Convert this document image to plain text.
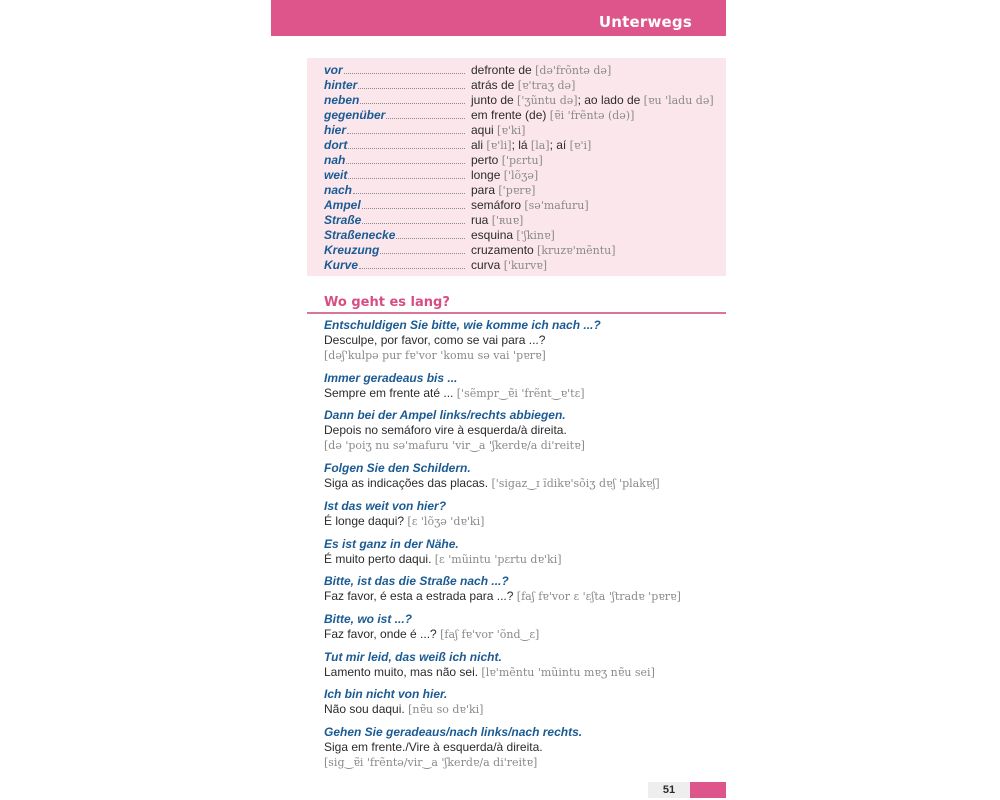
Unterwegs
vor	defronte de [də'frõntə də]
hinter	atrás de [ɐ'traʒ də]
neben	junto de ['ʒũntu də]; ao lado de [ɐu 'ladu də]
gegenüber	em frente (de) [ɐ̃i 'frẽntə (də)]
hier	aqui [ɐ'ki]
dort	ali [ɐ'li]; lá [la]; aí [ɐ'i]
nah	perto ['pɛrtu]
weit	longe ['lõʒə]
nach	para ['pɐrɐ]
Ampel	semáforo [sə'mafuru]
Straße	rua ['ʀuɐ]
Straßenecke	esquina ['ʃkinɐ]
Kreuzung	cruzamento [kruzɐ'mẽntu]
Kurve	curva ['kurvɐ]
Wo geht es lang?
Entschuldigen Sie bitte, wie komme ich nach ...?
Desculpe, por favor, como se vai para ...?
[dəʃ'kulpə pur fɐ'vor 'komu sə vai 'pɐrɐ]
Immer geradeaus bis ...
Sempre em frente até ... ['sẽmpr‿ɐ̃i 'frẽnt‿ɐ'tɛ]
Dann bei der Ampel links/rechts abbiegen.
Depois no semáforo vire à esquerda/à direita.
[də 'poiʒ nu sə'mafuru 'vir‿a 'ʃkerdɐ/a di'reitɐ]
Folgen Sie den Schildern.
Siga as indicações das placas. ['sigaz‿ɪ ĩdikɐ'sõiʒ dɐʃ 'plakɐʃ]
Ist das weit von hier?
É longe daqui? [ɛ 'lõʒə 'dɐ'ki]
Es ist ganz in der Nähe.
É muito perto daqui. [ɛ 'mũintu 'pɛrtu dɐ'ki]
Bitte, ist das die Straße nach ...?
Faz favor, é esta a estrada para ...? [faʃ fɐ'vor ɛ 'ɛʃta 'ʃtradɐ 'pɐrɐ]
Bitte, wo ist ...?
Faz favor, onde é ...? [faʃ fɐ'vor 'õnd‿ɛ]
Tut mir leid, das weiß ich nicht.
Lamento muito, mas não sei. [lɐ'mẽntu 'mũintu mɐʒ nɐ̃u sei]
Ich bin nicht von hier.
Não sou daqui. [nɐ̃u so dɐ'ki]
Gehen Sie geradeaus/nach links/nach rechts.
Siga em frente./Vire à esquerda/à direita.
[sig‿ɐ̃i 'frẽntə/vir‿a 'ʃkerdɐ/a di'reitɐ]
51
